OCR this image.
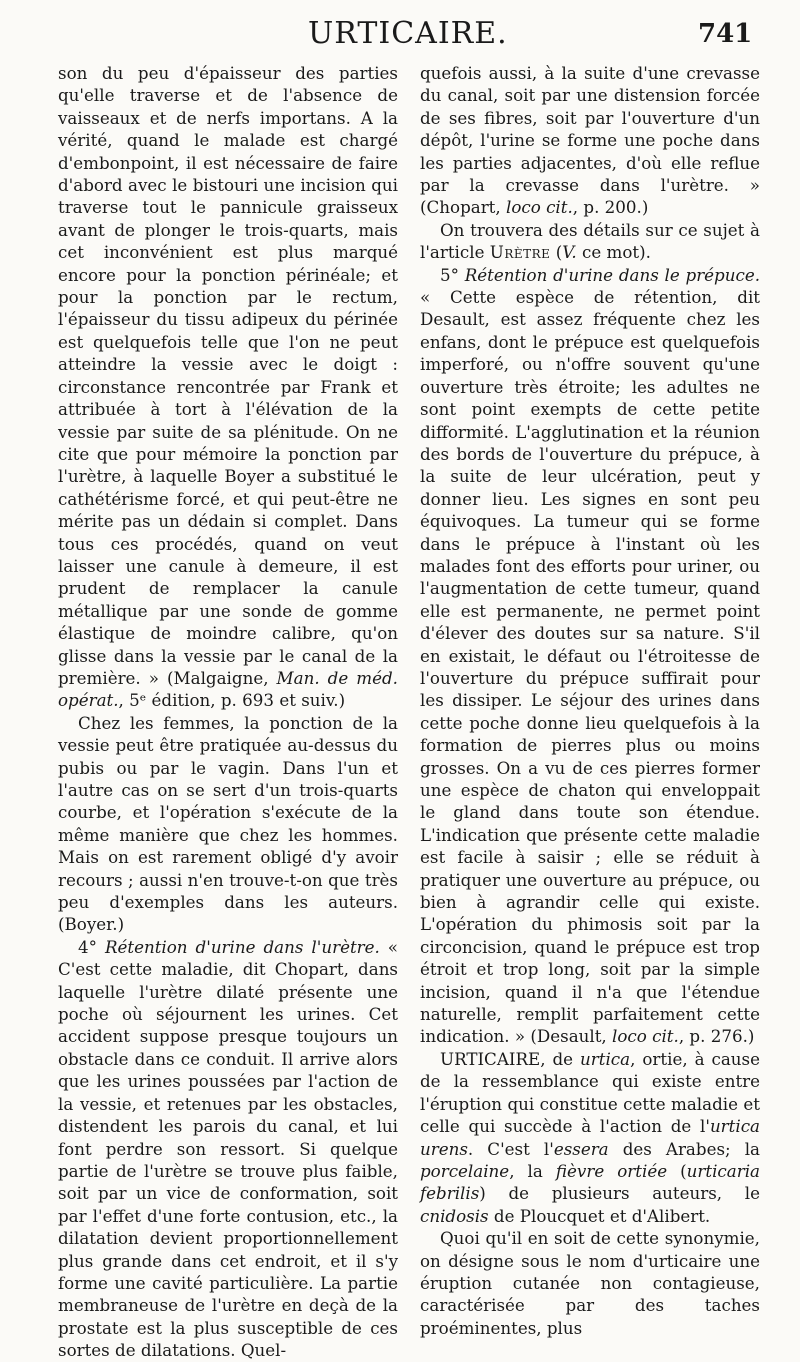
URTICAIRE.	741

son du peu d'épaisseur des parties qu'elle traverse et de l'absence de vaisseaux et de nerfs importans. A la vérité, quand le malade est chargé d'embonpoint, il est nécessaire de faire d'abord avec le bistouri une incision qui traverse tout le pannicule graisseux avant de plonger le trois-quarts, mais cet inconvénient est plus marqué encore pour la ponction périnéale; et pour la ponction par le rectum, l'épaisseur du tissu adipeux du périnée est quelquefois telle que l'on ne peut atteindre la vessie avec le doigt : circonstance rencontrée par Frank et attribuée à tort à l'élévation de la vessie par suite de sa plénitude. On ne cite que pour mémoire la ponction par l'urètre, à laquelle Boyer a substitué le cathétérisme forcé, et qui peut-être ne mérite pas un dédain si complet. Dans tous ces procédés, quand on veut laisser une canule à demeure, il est prudent de remplacer la canule métallique par une sonde de gomme élastique de moindre calibre, qu'on glisse dans la vessie par le canal de la première. » (Malgaigne, Man. de méd. opérat., 5ᵉ édition, p. 693 et suiv.)

Chez les femmes, la ponction de la vessie peut être pratiquée au-dessus du pubis ou par le vagin. Dans l'un et l'autre cas on se sert d'un trois-quarts courbe, et l'opération s'exécute de la même manière que chez les hommes. Mais on est rarement obligé d'y avoir recours ; aussi n'en trouve-t-on que très peu d'exemples dans les auteurs. (Boyer.)

4° Rétention d'urine dans l'urètre. « C'est cette maladie, dit Chopart, dans laquelle l'urètre dilaté présente une poche où séjournent les urines. Cet accident suppose presque toujours un obstacle dans ce conduit. Il arrive alors que les urines poussées par l'action de la vessie, et retenues par les obstacles, distendent les parois du canal, et lui font perdre son ressort. Si quelque partie de l'urètre se trouve plus faible, soit par un vice de conformation, soit par l'effet d'une forte contusion, etc., la dilatation devient proportionnellement plus grande dans cet endroit, et il s'y forme une cavité particulière. La partie membraneuse de l'urètre en deçà de la prostate est la plus susceptible de ces sortes de dilatations. Quel-

quefois aussi, à la suite d'une crevasse du canal, soit par une distension forcée de ses fibres, soit par l'ouverture d'un dépôt, l'urine se forme une poche dans les parties adjacentes, d'où elle reflue par la crevasse dans l'urètre. » (Chopart, loco cit., p. 200.)

On trouvera des détails sur ce sujet à l'article Urètre (V. ce mot).

5° Rétention d'urine dans le prépuce. « Cette espèce de rétention, dit Desault, est assez fréquente chez les enfans, dont le prépuce est quelquefois imperforé, ou n'offre souvent qu'une ouverture très étroite; les adultes ne sont point exempts de cette petite difformité. L'agglutination et la réunion des bords de l'ouverture du prépuce, à la suite de leur ulcération, peut y donner lieu. Les signes en sont peu équivoques. La tumeur qui se forme dans le prépuce à l'instant où les malades font des efforts pour uriner, ou l'augmentation de cette tumeur, quand elle est permanente, ne permet point d'élever des doutes sur sa nature. S'il en existait, le défaut ou l'étroitesse de l'ouverture du prépuce suffirait pour les dissiper. Le séjour des urines dans cette poche donne lieu quelquefois à la formation de pierres plus ou moins grosses. On a vu de ces pierres former une espèce de chaton qui enveloppait le gland dans toute son étendue. L'indication que présente cette maladie est facile à saisir ; elle se réduit à pratiquer une ouverture au prépuce, ou bien à agrandir celle qui existe. L'opération du phimosis soit par la circoncision, quand le prépuce est trop étroit et trop long, soit par la simple incision, quand il n'a que l'étendue naturelle, remplit parfaitement cette indication. » (Desault, loco cit., p. 276.)

URTICAIRE, de urtica, ortie, à cause de la ressemblance qui existe entre l'éruption qui constitue cette maladie et celle qui succède à l'action de l'urtica urens. C'est l'essera des Arabes; la porcelaine, la fièvre ortiée (urticaria febrilis) de plusieurs auteurs, le cnidosis de Ploucquet et d'Alibert.

Quoi qu'il en soit de cette synonymie, on désigne sous le nom d'urticaire une éruption cutanée non contagieuse, caractérisée par des taches proéminentes, plus
